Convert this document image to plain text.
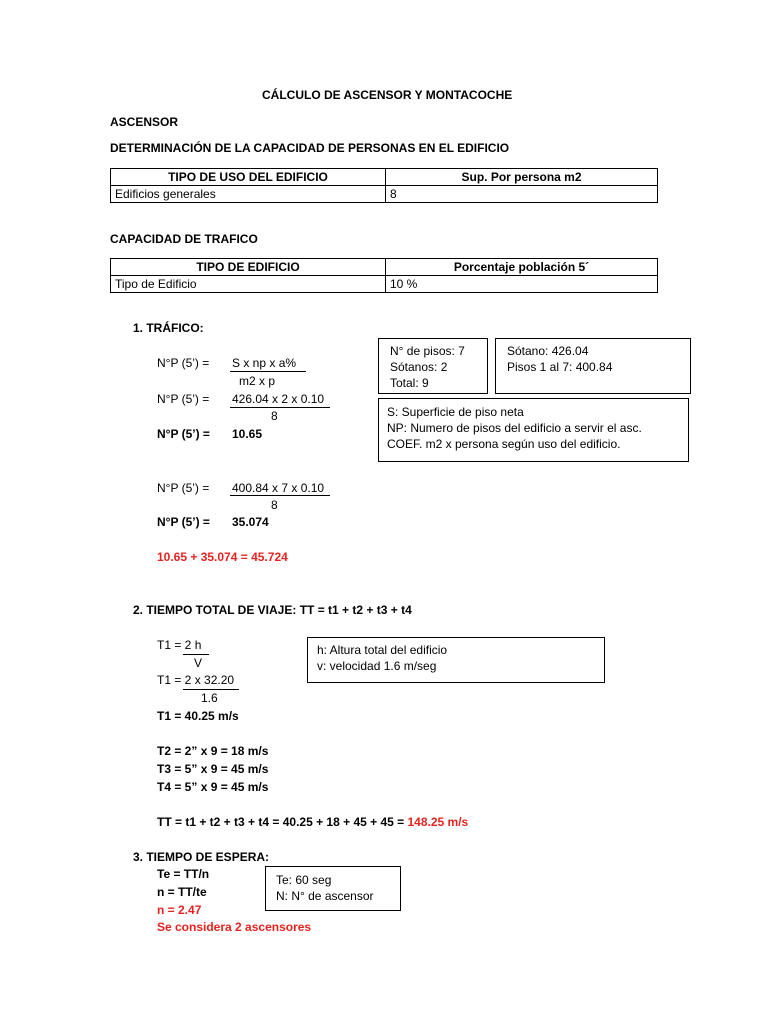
CÁLCULO DE ASCENSOR Y MONTACOCHE
ASCENSOR
DETERMINACIÓN DE LA CAPACIDAD DE PERSONAS EN EL EDIFICIO
TIPO DE USO DEL EDIFICIO	Sup. Por persona m2
Edificios generales	8
CAPACIDAD DE TRAFICO
TIPO DE EDIFICIO	Porcentaje población 5´
Tipo de Edificio	10 %
1. TRÁFICO:
N°P (5’) = S x np x a%
m2 x p
N°P (5’) = 426.04 x 2 x 0.10
8
N°P (5’) = 10.65
N°P (5’) = 400.84 x 7 x 0.10
8
N°P (5’) = 35.074
10.65 + 35.074 = 45.724
N° de pisos: 7
Sótanos: 2
Total: 9
Sótano: 426.04
Pisos 1 al 7: 400.84
S: Superficie de piso neta
NP: Numero de pisos del edificio a servir el asc.
COEF. m2 x persona según uso del edificio.
2. TIEMPO TOTAL DE VIAJE: TT = t1 + t2 + t3 + t4
T1 = 2 h
V
T1 = 2 x 32.20
1.6
T1 = 40.25 m/s
T2 = 2” x 9 = 18 m/s
T3 = 5” x 9 = 45 m/s
T4 = 5” x 9 = 45 m/s
TT = t1 + t2 + t3 + t4 = 40.25 + 18 + 45 + 45 = 148.25 m/s
h: Altura total del edificio
v: velocidad 1.6 m/seg
3. TIEMPO DE ESPERA:
Te = TT/n
n = TT/te
n = 2.47
Se considera 2 ascensores
Te: 60 seg
N: N° de ascensor
